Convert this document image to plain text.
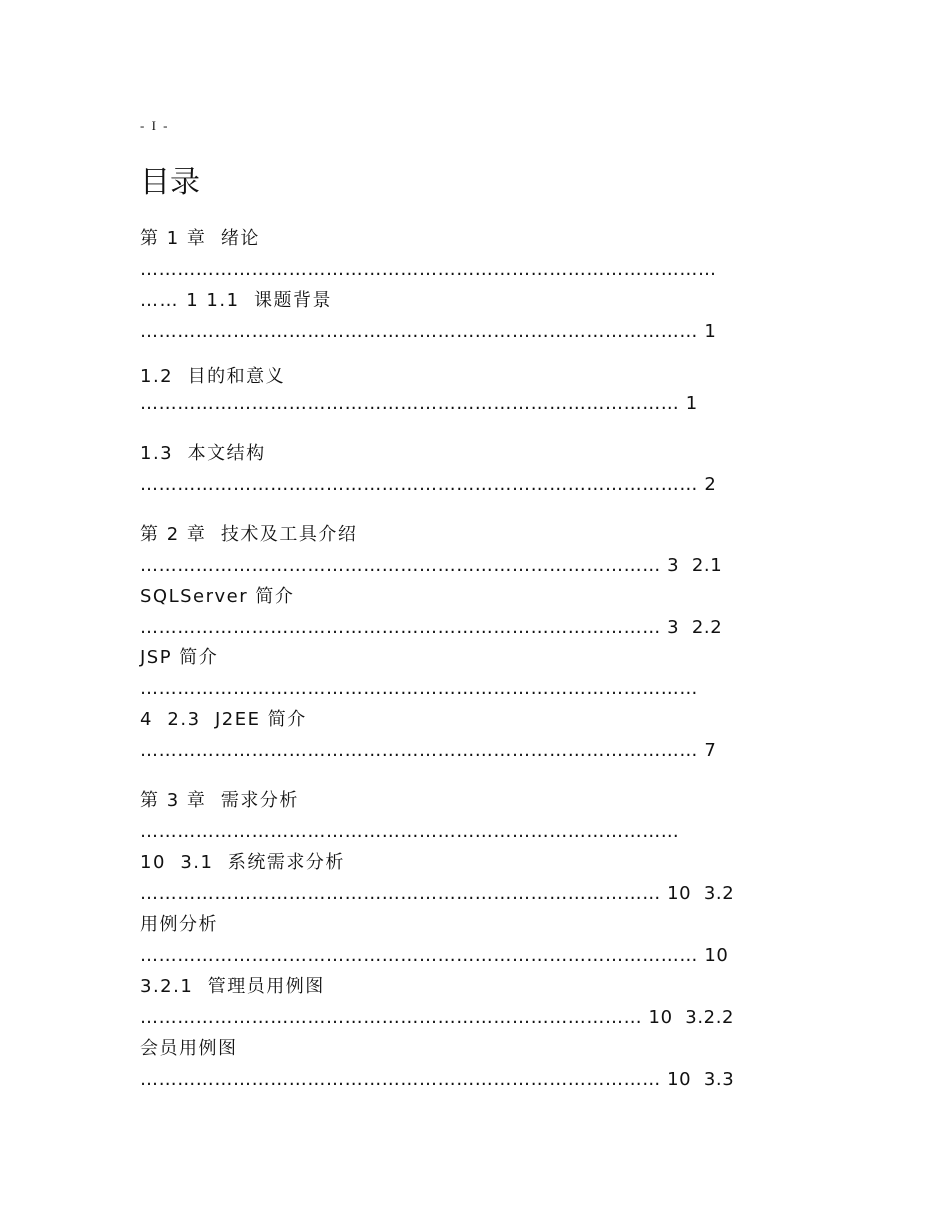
- I -
目录
第 1 章  绪论
…………………………………………………………………………………
…… 1 1.1  课题背景
……………………………………………………………………………… 1
1.2  目的和意义
…………………………………………………………………………… 1
1.3  本文结构
……………………………………………………………………………… 2
第 2 章  技术及工具介绍
………………………………………………………………………… 3  2.1
SQLServer 简介
………………………………………………………………………… 3  2.2
JSP 简介
………………………………………………………………………………
4  2.3  J2EE 简介
……………………………………………………………………………… 7
第 3 章  需求分析
……………………………………………………………………………
10  3.1  系统需求分析
………………………………………………………………………… 10  3.2
用例分析
……………………………………………………………………………… 10
3.2.1  管理员用例图
……………………………………………………………………… 10  3.2.2
会员用例图
………………………………………………………………………… 10  3.3
